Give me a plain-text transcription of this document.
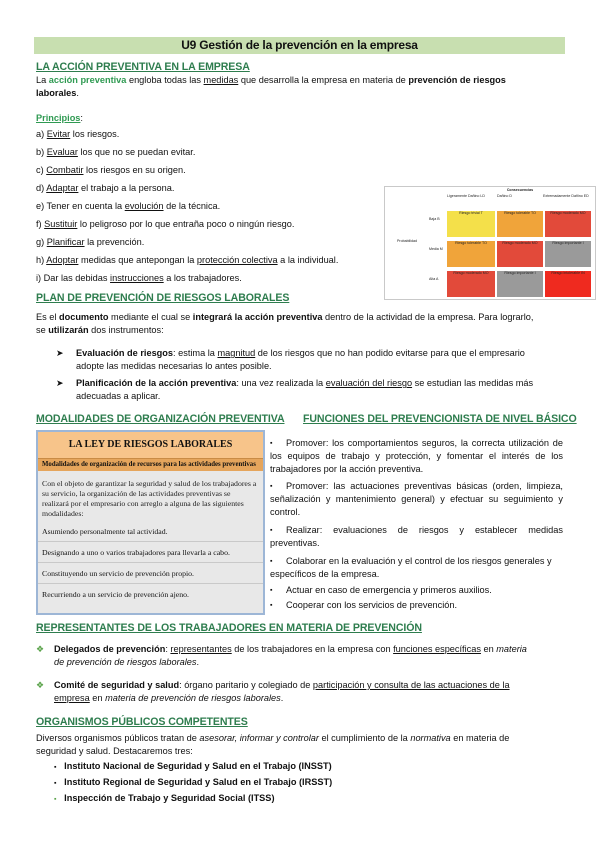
U9 Gestión de la prevención en la empresa
LA ACCIÓN PREVENTIVA EN LA EMPRESA
La acción preventiva engloba todas las medidas que desarrolla la empresa en materia de prevención de riesgos
laborales.
Principios:
a) Evitar los riesgos.
b) Evaluar los que no se puedan evitar.
c) Combatir los riesgos en su origen.
d) Adaptar el trabajo a la persona.
e) Tener en cuenta la evolución de la técnica.
f) Sustituir lo peligroso por lo que entraña poco o ningún riesgo.
g) Planificar la prevención.
h) Adoptar medidas que antepongan la protección colectiva a la individual.
i) Dar las debidas instrucciones a los trabajadores.
Consecuencias
Ligeramente Dañino LD	Dañino D	Extremadamente Dañino ED
Probabilidad
Baja B
Media M
Alta A
Riesgo trivial T	Riesgo tolerable TO	Riesgo moderado MO
Riesgo tolerable TO	Riesgo moderado MO	Riesgo importante I
Riesgo moderado MO	Riesgo importante I	Riesgo intolerable IN
PLAN DE PREVENCIÓN DE RIESGOS LABORALES
Es el documento mediante el cual se integrará la acción preventiva dentro de la actividad de la empresa. Para lograrlo,
se utilizarán dos instrumentos:
➤	Evaluación de riesgos: estima la magnitud de los riesgos que no han podido evitarse para que el empresario
adopte las medidas necesarias lo antes posible.
➤	Planificación de la acción preventiva: una vez realizada la evaluación del riesgo se estudian las medidas más
adecuadas a aplicar.
MODALIDADES DE ORGANIZACIÓN PREVENTIVA FUNCIONES DEL PREVENCIONISTA DE NIVEL BÁSICO
LA LEY DE RIESGOS LABORALES
Modalidades de organización de recursos para las actividades preventivas
Con el objeto de garantizar la seguridad y salud de los trabajadores a su servicio, la organización de las actividades preventivas se realizará por el empresario con arreglo a alguna de las siguientes modalidades:
Asumiendo personalmente tal actividad.
Designando a uno o varios trabajadores para llevarla a cabo.
Constituyendo un servicio de prevención propio.
Recurriendo a un servicio de prevención ajeno.
▪	Promover: los comportamientos seguros, la correcta utilización de los equipos de trabajo y protección, y fomentar el interés de los trabajadores por la acción preventiva.
▪	Promover: las actuaciones preventivas básicas (orden, limpieza, señalización y mantenimiento general) y efectuar su seguimiento y control.
▪	Realizar: evaluaciones de riesgos y establecer medidas preventivas.
▪	Colaborar en la evaluación y el control de los riesgos generales y específicos de la empresa.
▪	Actuar en caso de emergencia y primeros auxilios.
▪	Cooperar con los servicios de prevención.
REPRESENTANTES DE LOS TRABAJADORES EN MATERIA DE PREVENCIÓN
❖	Delegados de prevención: representantes de los trabajadores en la empresa con funciones específicas en materia
de prevención de riesgos laborales.
❖	Comité de seguridad y salud: órgano paritario y colegiado de participación y consulta de las actuaciones de la
empresa en materia de prevención de riesgos laborales.
ORGANISMOS PÚBLICOS COMPETENTES
Diversos organismos públicos tratan de asesorar, informar y controlar el cumplimiento de la normativa en materia de
seguridad y salud. Destacaremos tres:
▪ Instituto Nacional de Seguridad y Salud en el Trabajo (INSST)
▪ Instituto Regional de Seguridad y Salud en el Trabajo (IRSST)
▪ Inspección de Trabajo y Seguridad Social (ITSS)
